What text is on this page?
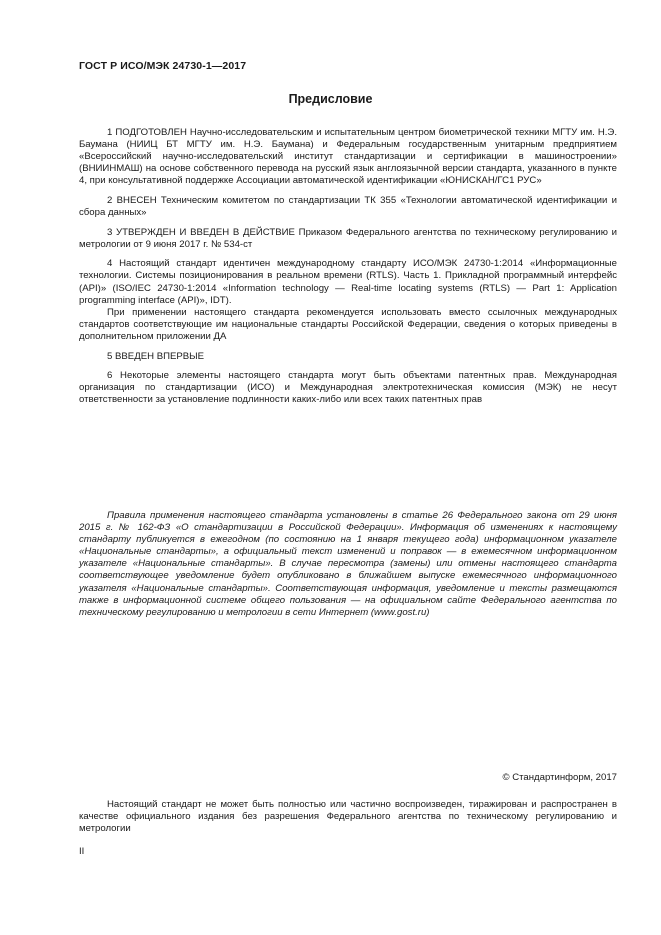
ГОСТ Р ИСО/МЭК 24730-1—2017
Предисловие

1 ПОДГОТОВЛЕН Научно-исследовательским и испытательным центром биометрической техники МГТУ им. Н.Э. Баумана (НИИЦ БТ МГТУ им. Н.Э. Баумана) и Федеральным государственным унитарным предприятием «Всероссийский научно-исследовательский институт стандартизации и сертификации в машиностроении» (ВНИИНМАШ) на основе собственного перевода на русский язык англоязычной версии стандарта, указанного в пункте 4, при консультативной поддержке Ассоциации автоматической идентификации «ЮНИСКАН/ГС1 РУС»

2 ВНЕСЕН Техническим комитетом по стандартизации ТК 355 «Технологии автоматической идентификации и сбора данных»

3 УТВЕРЖДЕН И ВВЕДЕН В ДЕЙСТВИЕ Приказом Федерального агентства по техническому регулированию и метрологии от 9 июня 2017 г. № 534-ст

4 Настоящий стандарт идентичен международному стандарту ИСО/МЭК 24730-1:2014 «Информационные технологии. Системы позиционирования в реальном времени (RTLS). Часть 1. Прикладной программный интерфейс (API)» (ISO/IEC 24730-1:2014 «Information technology — Real-time locating systems (RTLS) — Part 1: Application programming interface (API)», IDT).

При применении настоящего стандарта рекомендуется использовать вместо ссылочных международных стандартов соответствующие им национальные стандарты Российской Федерации, сведения о которых приведены в дополнительном приложении ДА

5 ВВЕДЕН ВПЕРВЫЕ

6 Некоторые элементы настоящего стандарта могут быть объектами патентных прав. Международная организация по стандартизации (ИСО) и Международная электротехническая комиссия (МЭК) не несут ответственности за установление подлинности каких-либо или всех таких патентных прав

Правила применения настоящего стандарта установлены в статье 26 Федерального закона от 29 июня 2015 г. № 162-ФЗ «О стандартизации в Российской Федерации». Информация об изменениях к настоящему стандарту публикуется в ежегодном (по состоянию на 1 января текущего года) информационном указателе «Национальные стандарты», а официальный текст изменений и поправок — в ежемесячном информационном указателе «Национальные стандарты». В случае пересмотра (замены) или отмены настоящего стандарта соответствующее уведомление будет опубликовано в ближайшем выпуске ежемесячного информационного указателя «Национальные стандарты». Соответствующая информация, уведомление и тексты размещаются также в информационной системе общего пользования — на официальном сайте Федерального агентства по техническому регулированию и метрологии в сети Интернет (www.gost.ru)

© Стандартинформ, 2017

Настоящий стандарт не может быть полностью или частично воспроизведен, тиражирован и распространен в качестве официального издания без разрешения Федерального агентства по техническому регулированию и метрологии

II
